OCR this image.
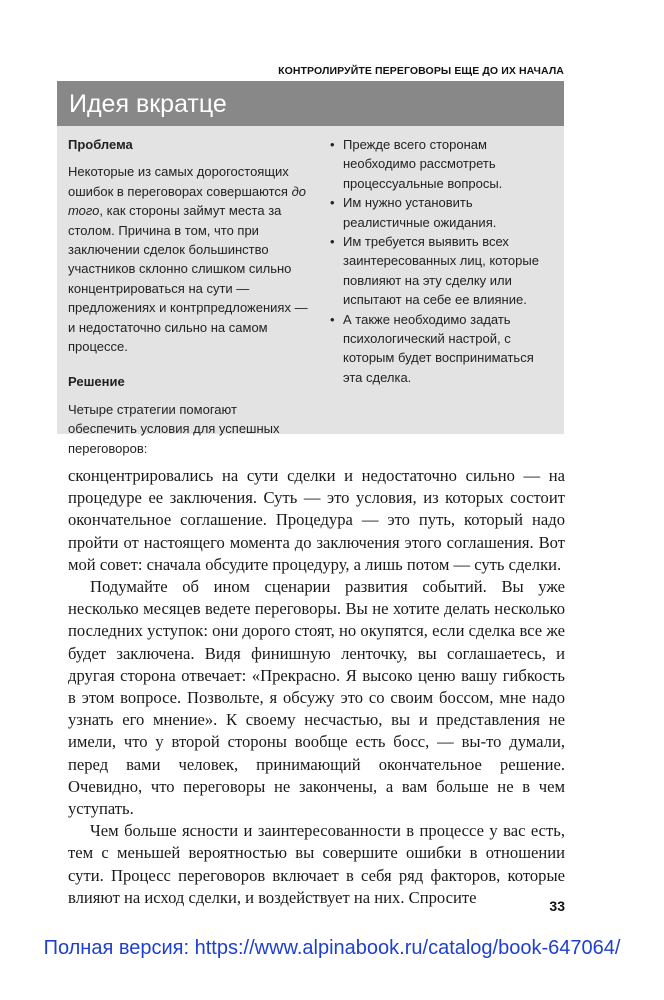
КОНТРОЛИРУЙТЕ ПЕРЕГОВОРЫ ЕЩЕ ДО ИХ НАЧАЛА
Идея вкратце

Проблема

Некоторые из самых дорогостоящих ошибок в переговорах совершаются до того, как стороны займут места за столом. Причина в том, что при заключении сделок большинство участников склонно слишком сильно концентрироваться на сути — предложениях и контрпредложениях — и недостаточно сильно на самом процессе.

Решение

Четыре стратегии помогают обеспечить условия для успешных переговоров:

• Прежде всего сторонам необходимо рассмотреть процессуальные вопросы.
• Им нужно установить реалистичные ожидания.
• Им требуется выявить всех заинтересованных лиц, которые повлияют на эту сделку или испытают на себе ее влияние.
• А также необходимо задать психологический настрой, с которым будет восприниматься эта сделка.

сконцентрировались на сути сделки и недостаточно сильно — на процедуре ее заключения. Суть — это условия, из которых состоит окончательное соглашение. Процедура — это путь, который надо пройти от настоящего момента до заключения этого соглашения. Вот мой совет: сначала обсудите процедуру, а лишь потом — суть сделки.

Подумайте об ином сценарии развития событий. Вы уже несколько месяцев ведете переговоры. Вы не хотите делать несколько последних уступок: они дорого стоят, но окупятся, если сделка все же будет заключена. Видя финишную ленточку, вы соглашаетесь, и другая сторона отвечает: «Прекрасно. Я высоко ценю вашу гибкость в этом вопросе. Позвольте, я обсужу это со своим боссом, мне надо узнать его мнение». К своему несчастью, вы и представления не имели, что у второй стороны вообще есть босс, — вы-то думали, перед вами человек, принимающий окончательное решение. Очевидно, что переговоры не закончены, а вам больше не в чем уступать.

Чем больше ясности и заинтересованности в процессе у вас есть, тем с меньшей вероятностью вы совершите ошибки в отношении сути. Процесс переговоров включает в себя ряд факторов, которые влияют на исход сделки, и воздействует на них. Спросите	33
Полная версия: https://www.alpinabook.ru/catalog/book-647064/
